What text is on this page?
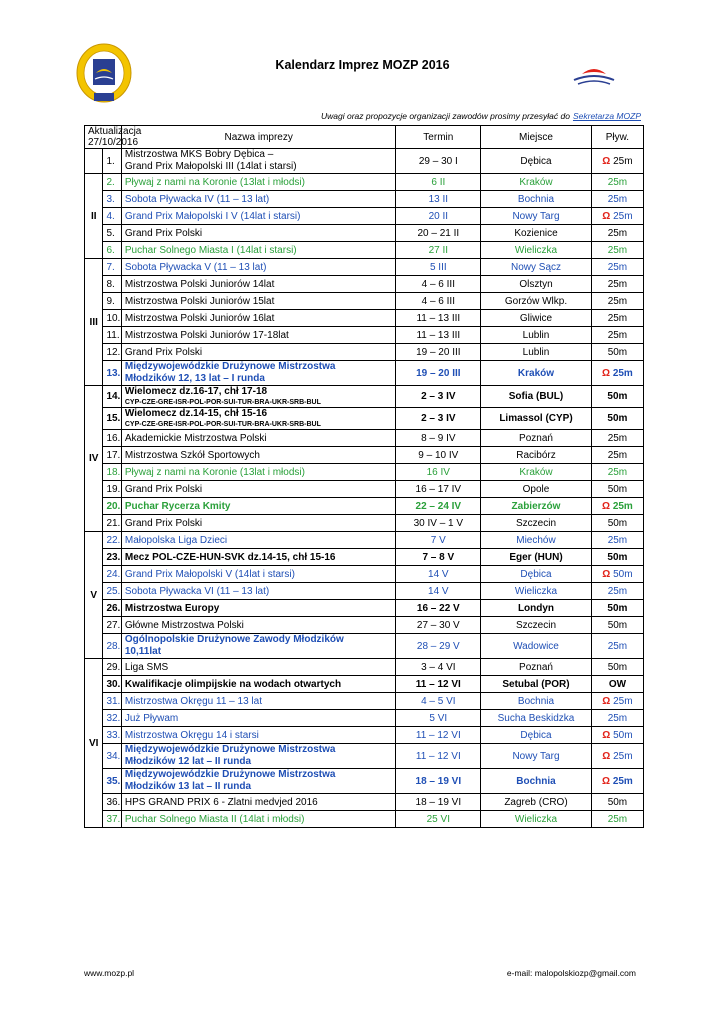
Kalendarz Imprez MOZP 2016
Uwagi oraz propozycje organizacji zawodów prosimy przesyłać do Sekretarza MOZP
Aktualizacja
27/10/2016		Nazwa imprezy	Termin	Miejsce	Pływ.
	1.	Mistrzostwa MKS Bobry Dębica –
Grand Prix Małopolski III (14lat i starsi)	29 – 30 I	Dębica	Ω 25m
II	2.	Pływaj z nami na Koronie (13lat i młodsi)	6 II	Kraków	25m
	3.	Sobota Pływacka IV (11 – 13 lat)	13 II	Bochnia	25m
	4.	Grand Prix Małopolski I V (14lat i starsi)	20 II	Nowy Targ	Ω 25m
	5.	Grand Prix Polski	20 – 21 II	Kozienice	25m
	6.	Puchar Solnego Miasta I (14lat i starsi)	27 II	Wieliczka	25m
III	7.	Sobota Pływacka V (11 – 13 lat)	5 III	Nowy Sącz	25m
	8.	Mistrzostwa Polski Juniorów 14lat	4 – 6 III	Olsztyn	25m
	9.	Mistrzostwa Polski Juniorów 15lat	4 – 6 III	Gorzów Wlkp.	25m
	10.	Mistrzostwa Polski Juniorów 16lat	11 – 13 III	Gliwice	25m
	11.	Mistrzostwa Polski Juniorów 17-18lat	11 – 13 III	Lublin	25m
	12.	Grand Prix Polski	19 – 20 III	Lublin	50m
	13.	Międzywojewódzkie Drużynowe Mistrzostwa
Młodzików 12, 13 lat – I runda	19 – 20 III	Kraków	Ω 25m
IV	14.	Wielomecz dz.16-17, chł 17-18
CYP-CZE-GRE-ISR-POL-POR-SUI-TUR-BRA-UKR-SRB-BUL	2 – 3 IV	Sofia (BUL)	50m
	15.	Wielomecz dz.14-15, chł 15-16
CYP-CZE-GRE-ISR-POL-POR-SUI-TUR-BRA-UKR-SRB-BUL	2 – 3 IV	Limassol (CYP)	50m
	16.	Akademickie Mistrzostwa Polski	8 – 9 IV	Poznań	25m
	17.	Mistrzostwa Szkół Sportowych	9 – 10 IV	Racibórz	25m
	18.	Pływaj z nami na Koronie (13lat i młodsi)	16 IV	Kraków	25m
	19.	Grand Prix Polski	16 – 17 IV	Opole	50m
	20.	Puchar Rycerza Kmity	22 – 24 IV	Zabierzów	Ω 25m
	21.	Grand Prix Polski	30 IV – 1 V	Szczecin	50m
V	22.	Małopolska Liga Dzieci	7 V	Miechów	25m
	23.	Mecz POL-CZE-HUN-SVK dz.14-15, chł 15-16	7 – 8 V	Eger (HUN)	50m
	24.	Grand Prix Małopolski V (14lat i starsi)	14 V	Dębica	Ω 50m
	25.	Sobota Pływacka VI (11 – 13 lat)	14 V	Wieliczka	25m
	26.	Mistrzostwa Europy	16 – 22 V	Londyn	50m
	27.	Główne Mistrzostwa Polski	27 – 30 V	Szczecin	50m
	28.	Ogólnopolskie Drużynowe Zawody Młodzików
10,11lat	28 – 29 V	Wadowice	25m
VI	29.	Liga SMS	3 – 4 VI	Poznań	50m
	30.	Kwalifikacje olimpijskie na wodach otwartych	11 – 12 VI	Setubal (POR)	OW
	31.	Mistrzostwa Okręgu 11 – 13 lat	4 – 5 VI	Bochnia	Ω 25m
	32.	Już Pływam	5 VI	Sucha Beskidzka	25m
	33.	Mistrzostwa Okręgu 14 i starsi	11 – 12 VI	Dębica	Ω 50m
	34.	Międzywojewódzkie Drużynowe Mistrzostwa
Młodzików 12 lat – II runda	11 – 12 VI	Nowy Targ	Ω 25m
	35.	Międzywojewódzkie Drużynowe Mistrzostwa
Młodzików 13 lat – II runda	18 – 19 VI	Bochnia	Ω 25m
	36.	HPS GRAND PRIX 6 - Zlatni medvjed 2016	18 – 19 VI	Zagreb (CRO)	50m
	37.	Puchar Solnego Miasta II (14lat i młodsi)	25 VI	Wieliczka	25m
www.mozp.pl	e-mail: malopolskiozp@gmail.com
